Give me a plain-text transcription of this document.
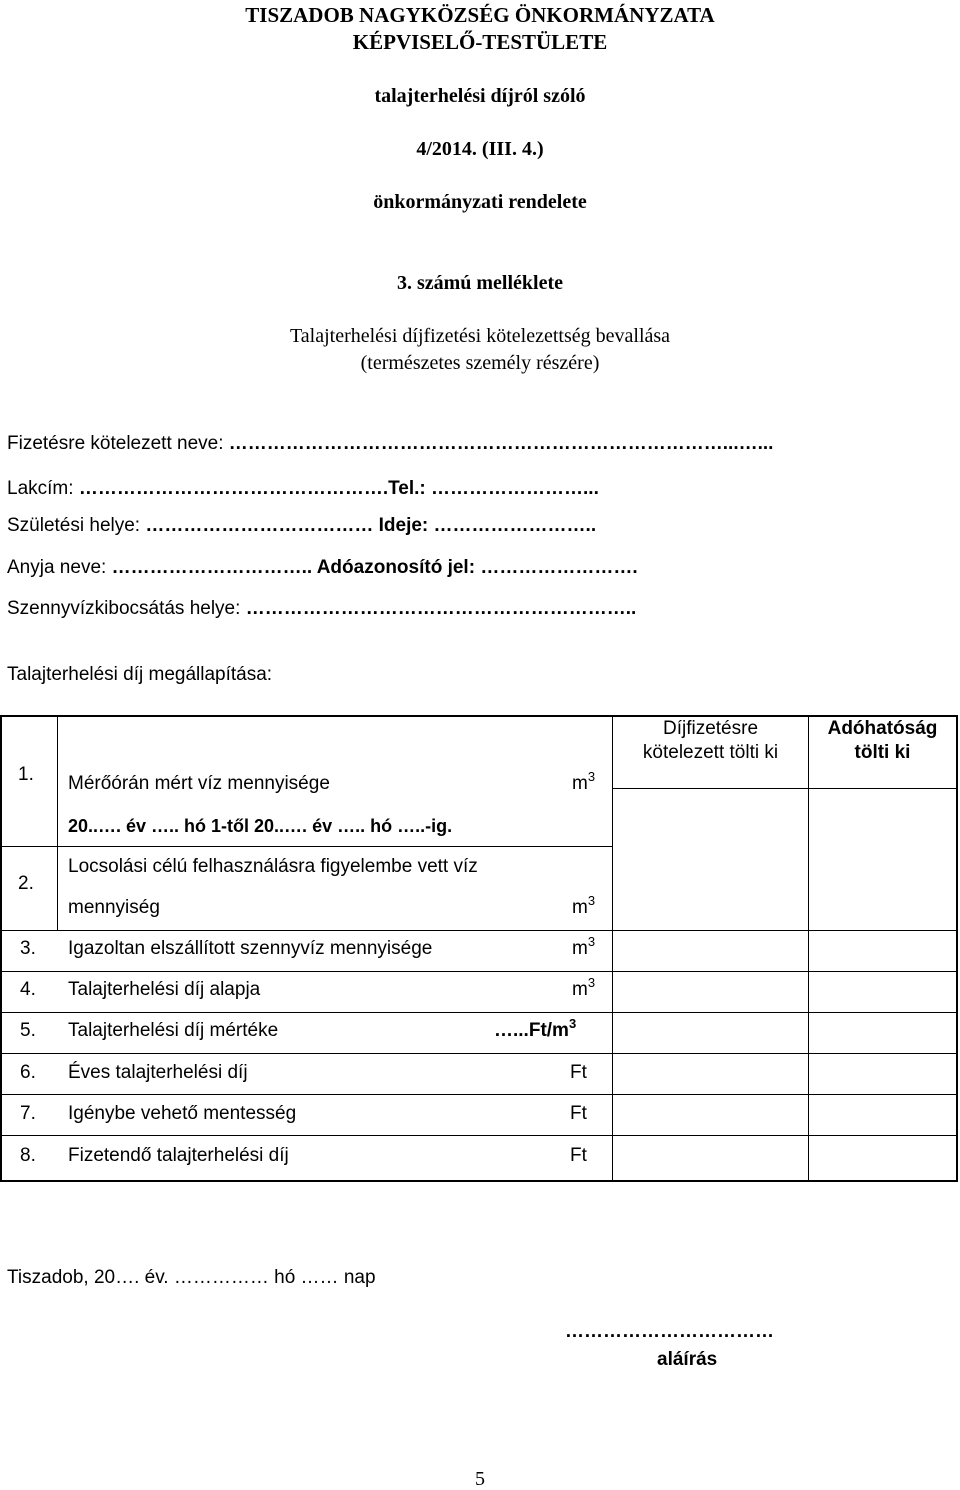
TISZADOB NAGYKÖZSÉG ÖNKORMÁNYZATA
KÉPVISELŐ-TESTÜLETE
talajterhelési díjról szóló
4/2014. (III. 4.)
önkormányzati rendelete
3. számú melléklete
Talajterhelési díjfizetési kötelezettség bevallása
(természetes személy részére)
Fizetésre kötelezett neve: ……………………………………………………………………...…...
Lakcím: ………………………………………….Tel.: ……………………...
Születési helye: ……………………………… Ideje: ……………………..
Anyja neve: ………………………….. Adóazonosító jel: …………………….
Szennyvízkibocsátás helye: ……………………………………………………..
Talajterhelési díj megállapítása:
Díjfizetésre
kötelezett tölti ki
Adóhatóság
tölti ki
1. Mérőórán mért víz mennyisége	$m^3$
20..…. év ….. hó 1-től 20..…. év ….. hó …..-ig.
2.
Locsolási célú felhasználásra figyelembe vett víz
mennyiség	$m^3$
3. Igazoltan elszállított szennyvíz mennyisége	$m^3$
4. Talajterhelési díj alapja	$m^3$
5. Talajterhelési díj mértéke	$\dots...Ft/m^3$
6. Éves talajterhelési díj	Ft
7. Igénybe vehető mentesség	Ft
8. Fizetendő talajterhelési díj	Ft
Tiszadob, 20…. év. …………… hó …… nap
……………………………
aláírás
5
